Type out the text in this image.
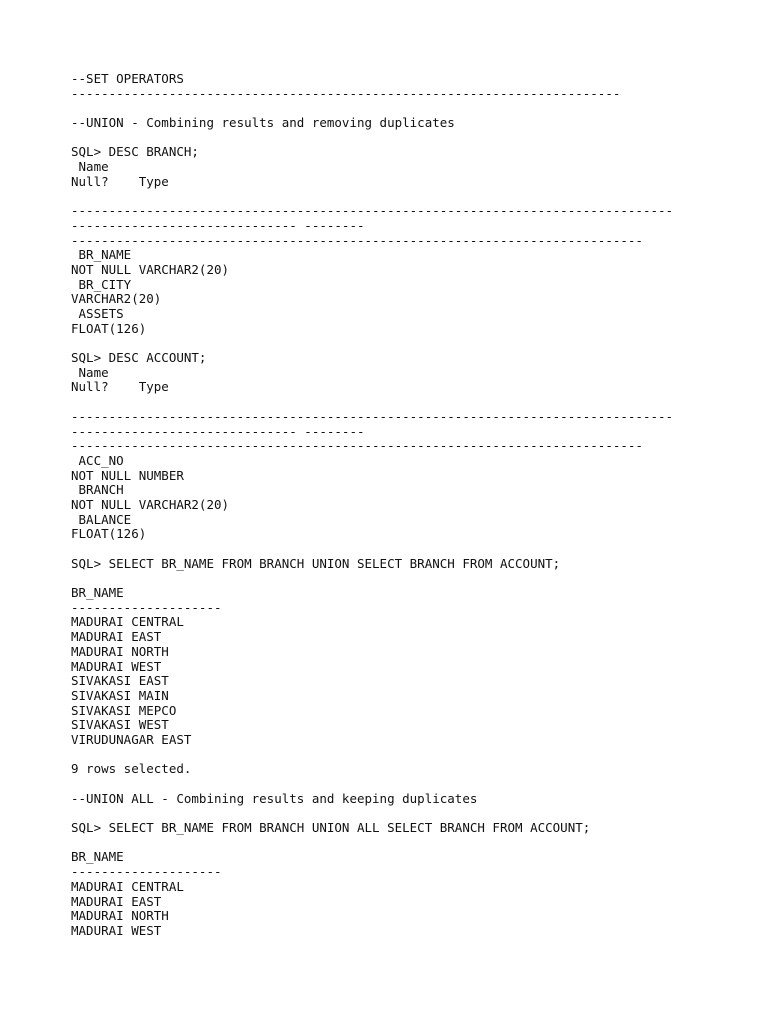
--SET OPERATORS
-------------------------------------------------------------------------
--UNION - Combining results and removing duplicates
SQL> DESC BRANCH;
Name
Null?    Type
--------------------------------------------------------------------------------
------------------------------ --------
----------------------------------------------------------------------------
BR_NAME
NOT NULL VARCHAR2(20)
BR_CITY
VARCHAR2(20)
ASSETS
FLOAT(126)
SQL> DESC ACCOUNT;
Name
Null?    Type
--------------------------------------------------------------------------------
------------------------------ --------
----------------------------------------------------------------------------
ACC_NO
NOT NULL NUMBER
BRANCH
NOT NULL VARCHAR2(20)
BALANCE
FLOAT(126)
SQL> SELECT BR_NAME FROM BRANCH UNION SELECT BRANCH FROM ACCOUNT;
BR_NAME
--------------------
MADURAI CENTRAL
MADURAI EAST
MADURAI NORTH
MADURAI WEST
SIVAKASI EAST
SIVAKASI MAIN
SIVAKASI MEPCO
SIVAKASI WEST
VIRUDUNAGAR EAST
9 rows selected.
--UNION ALL - Combining results and keeping duplicates
SQL> SELECT BR_NAME FROM BRANCH UNION ALL SELECT BRANCH FROM ACCOUNT;
BR_NAME
--------------------
MADURAI CENTRAL
MADURAI EAST
MADURAI NORTH
MADURAI WEST
